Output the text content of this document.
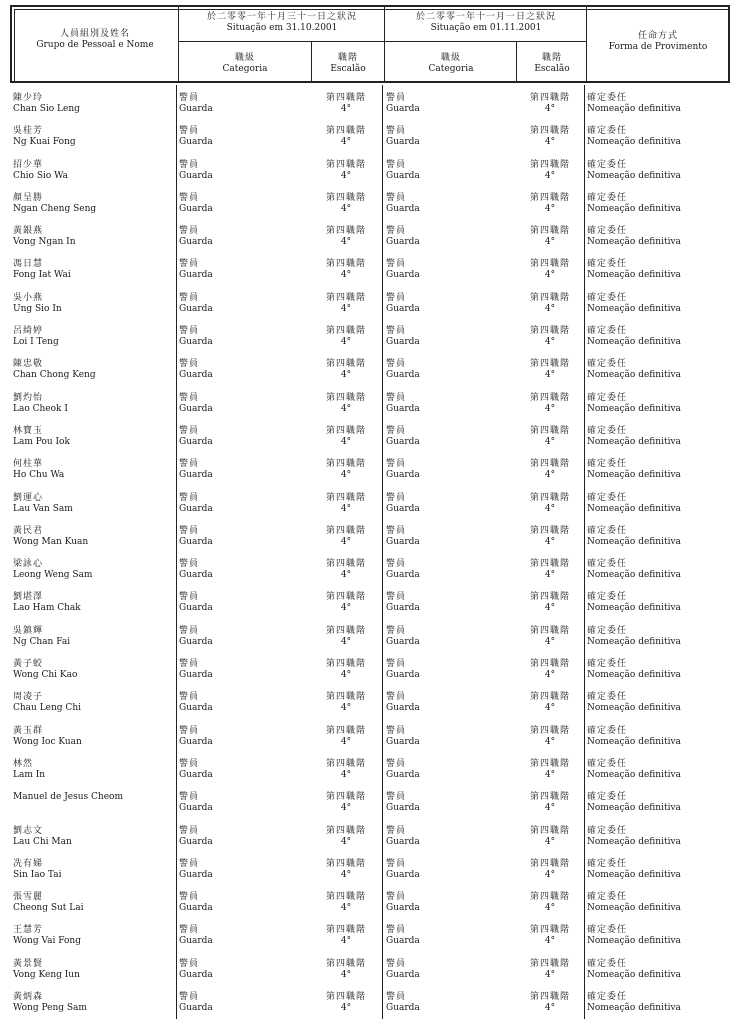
人員組別及姓名
Grupo de Pessoal e Nome
於二零零一年十月三十一日之狀況
Situação em 31.10.2001
職級
Categoria
職階
Escalão
於二零零一年十一月一日之狀況
Situação em 01.11.2001
職級
Categoria
職階
Escalão
任命方式
Forma de Provimento
陳少玲
Chan Sio Leng
警員
Guarda
第四職階
4°
警員
Guarda
第四職階
4°
確定委任
Nomeação definitiva
吳桂芳
Ng Kuai Fong
警員
Guarda
第四職階
4°
警員
Guarda
第四職階
4°
確定委任
Nomeação definitiva
招少華
Chio Sio Wa
警員
Guarda
第四職階
4°
警員
Guarda
第四職階
4°
確定委任
Nomeação definitiva
顏呈勝
Ngan Cheng Seng
警員
Guarda
第四職階
4°
警員
Guarda
第四職階
4°
確定委任
Nomeação definitiva
黃銀燕
Vong Ngan In
警員
Guarda
第四職階
4°
警員
Guarda
第四職階
4°
確定委任
Nomeação definitiva
馮日慧
Fong Iat Wai
警員
Guarda
第四職階
4°
警員
Guarda
第四職階
4°
確定委任
Nomeação definitiva
吳小燕
Ung Sio In
警員
Guarda
第四職階
4°
警員
Guarda
第四職階
4°
確定委任
Nomeação definitiva
呂綺婷
Loi I Teng
警員
Guarda
第四職階
4°
警員
Guarda
第四職階
4°
確定委任
Nomeação definitiva
陳忠敬
Chan Chong Keng
警員
Guarda
第四職階
4°
警員
Guarda
第四職階
4°
確定委任
Nomeação definitiva
劉灼怡
Lao Cheok I
警員
Guarda
第四職階
4°
警員
Guarda
第四職階
4°
確定委任
Nomeação definitiva
林寶玉
Lam Pou Iok
警員
Guarda
第四職階
4°
警員
Guarda
第四職階
4°
確定委任
Nomeação definitiva
何柱華
Ho Chu Wa
警員
Guarda
第四職階
4°
警員
Guarda
第四職階
4°
確定委任
Nomeação definitiva
劉運心
Lau Van Sam
警員
Guarda
第四職階
4°
警員
Guarda
第四職階
4°
確定委任
Nomeação definitiva
黃民君
Wong Man Kuan
警員
Guarda
第四職階
4°
警員
Guarda
第四職階
4°
確定委任
Nomeação definitiva
梁詠心
Leong Weng Sam
警員
Guarda
第四職階
4°
警員
Guarda
第四職階
4°
確定委任
Nomeação definitiva
劉堪澤
Lao Ham Chak
警員
Guarda
第四職階
4°
警員
Guarda
第四職階
4°
確定委任
Nomeação definitiva
吳鎮輝
Ng Chan Fai
警員
Guarda
第四職階
4°
警員
Guarda
第四職階
4°
確定委任
Nomeação definitiva
黃子蛟
Wong Chi Kao
警員
Guarda
第四職階
4°
警員
Guarda
第四職階
4°
確定委任
Nomeação definitiva
周凌子
Chau Leng Chi
警員
Guarda
第四職階
4°
警員
Guarda
第四職階
4°
確定委任
Nomeação definitiva
黃玉群
Wong Ioc Kuan
警員
Guarda
第四職階
4°
警員
Guarda
第四職階
4°
確定委任
Nomeação definitiva
林然
Lam In
警員
Guarda
第四職階
4°
警員
Guarda
第四職階
4°
確定委任
Nomeação definitiva
Manuel de Jesus Cheom	警員
Guarda
第四職階
4°
警員
Guarda
第四職階
4°
確定委任
Nomeação definitiva
劉志文
Lau Chi Man
警員
Guarda
第四職階
4°
警員
Guarda
第四職階
4°
確定委任
Nomeação definitiva
冼有娣
Sin Iao Tai
警員
Guarda
第四職階
4°
警員
Guarda
第四職階
4°
確定委任
Nomeação definitiva
張雪麗
Cheong Sut Lai
警員
Guarda
第四職階
4°
警員
Guarda
第四職階
4°
確定委任
Nomeação definitiva
王慧芳
Wong Vai Fong
警員
Guarda
第四職階
4°
警員
Guarda
第四職階
4°
確定委任
Nomeação definitiva
黃景賢
Vong Keng Iun
警員
Guarda
第四職階
4°
警員
Guarda
第四職階
4°
確定委任
Nomeação definitiva
黃炳森
Wong Peng Sam
警員
Guarda
第四職階
4°
警員
Guarda
第四職階
4°
確定委任
Nomeação definitiva
